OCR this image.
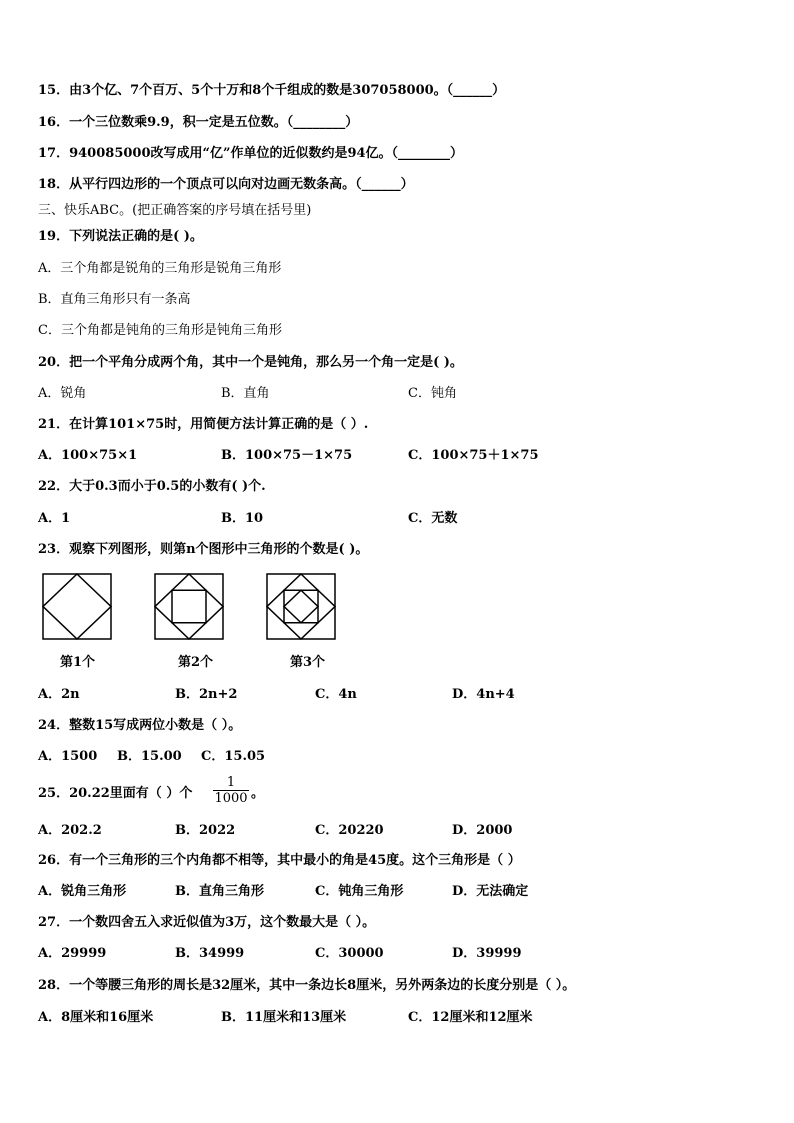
15．由3个亿、7个百万、5个十万和8个千组成的数是307058000。（______）
16．一个三位数乘9.9，积一定是五位数。（________）
17．940085000改写成用“亿”作单位的近似数约是94亿。（________）
18．从平行四边形的一个顶点可以向对边画无数条高。（______）
三、快乐ABC。(把正确答案的序号填在括号里)
19．下列说法正确的是( )。
A．三个角都是锐角的三角形是锐角三角形
B．直角三角形只有一条高
C．三个角都是钝角的三角形是钝角三角形
20．把一个平角分成两个角，其中一个是钝角，那么另一个角一定是( )。
A．锐角	B．直角	C．钝角
21．在计算101×75时，用简便方法计算正确的是（ ）.
A．100×75×1	B．100×75－1×75	C．100×75＋1×75
22．大于0.3而小于0.5的小数有( )个.
A．1	B．10	C．无数
23．观察下列图形，则第n个图形中三角形的个数是( )。
第1个	第2个	第3个
A．2n	B．2n+2	C．4n	D．4n+4
24．整数15写成两位小数是（ ）。
A．1500 B．15.00 C．15.05
25．20.22里面有（ ）个 $\frac{1}{1000}$ 。
A．202.2	B．2022	C．20220	D．2000
26．有一个三角形的三个内角都不相等，其中最小的角是45度。这个三角形是（ ）
A．锐角三角形	B．直角三角形	C．钝角三角形	D．无法确定
27．一个数四舍五入求近似值为3万，这个数最大是（ ）。
A．29999	B．34999	C．30000	D．39999
28．一个等腰三角形的周长是32厘米，其中一条边长8厘米，另外两条边的长度分别是（ ）。
A．8厘米和16厘米	B．11厘米和13厘米	C．12厘米和12厘米
